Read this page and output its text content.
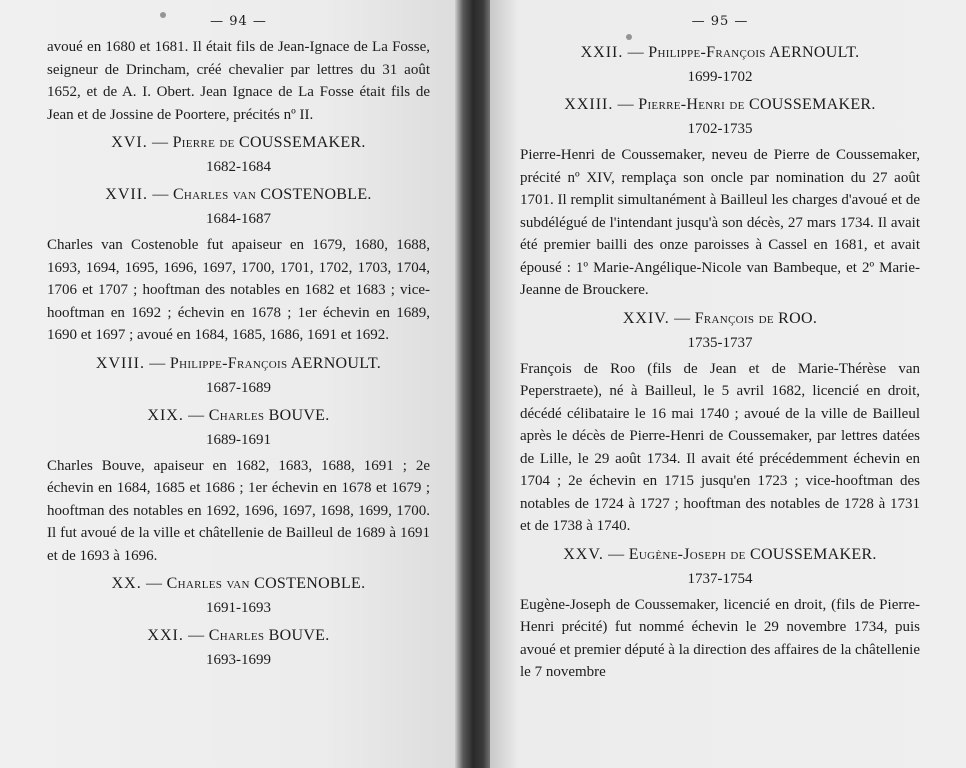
— 94 —

avoué en 1680 et 1681. Il était fils de Jean-Ignace de La Fosse, seigneur de Drincham, créé chevalier par lettres du 31 août 1652, et de A. I. Obert. Jean Ignace de La Fosse était fils de Jean et de Jossine de Poortere, précités nº II.

XVI. — Pierre de COUSSEMAKER.
1682-1684
XVII. — Charles van COSTENOBLE.
1684-1687

Charles van Costenoble fut apaiseur en 1679, 1680, 1688, 1693, 1694, 1695, 1696, 1697, 1700, 1701, 1702, 1703, 1704, 1706 et 1707 ; hooftman des notables en 1682 et 1683 ; vice-hooftman en 1692 ; échevin en 1678 ; 1er échevin en 1689, 1690 et 1697 ; avoué en 1684, 1685, 1686, 1691 et 1692.

XVIII. — Philippe-François AERNOULT.
1687-1689
XIX. — Charles BOUVE.
1689-1691

Charles Bouve, apaiseur en 1682, 1683, 1688, 1691 ; 2e échevin en 1684, 1685 et 1686 ; 1er échevin en 1678 et 1679 ; hooftman des notables en 1692, 1696, 1697, 1698, 1699, 1700. Il fut avoué de la ville et châtellenie de Bailleul de 1689 à 1691 et de 1693 à 1696.

XX. — Charles van COSTENOBLE.
1691-1693
XXI. — Charles BOUVE.
1693-1699
— 95 —
XXII. — Philippe-François AERNOULT.
1699-1702
XXIII. — Pierre-Henri de COUSSEMAKER.
1702-1735

Pierre-Henri de Coussemaker, neveu de Pierre de Coussemaker, précité nº XIV, remplaça son oncle par nomination du 27 août 1701. Il remplit simultanément à Bailleul les charges d'avoué et de subdélégué de l'intendant jusqu'à son décès, 27 mars 1734. Il avait été premier bailli des onze paroisses à Cassel en 1681, et avait épousé : 1º Marie-Angélique-Nicole van Bambeque, et 2º Marie-Jeanne de Brouckere.

XXIV. — François de ROO.
1735-1737

François de Roo (fils de Jean et de Marie-Thérèse van Peperstraete), né à Bailleul, le 5 avril 1682, licencié en droit, décédé célibataire le 16 mai 1740 ; avoué de la ville de Bailleul après le décès de Pierre-Henri de Coussemaker, par lettres datées de Lille, le 29 août 1734. Il avait été précédemment échevin en 1704 ; 2e échevin en 1715 jusqu'en 1723 ; vice-hooftman des notables de 1724 à 1727 ; hooftman des notables de 1728 à 1731 et de 1738 à 1740.

XXV. — Eugène-Joseph de COUSSEMAKER.
1737-1754

Eugène-Joseph de Coussemaker, licencié en droit, (fils de Pierre-Henri précité) fut nommé échevin le 29 novembre 1734, puis avoué et premier député à la direction des affaires de la châtellenie le 7 novembre
